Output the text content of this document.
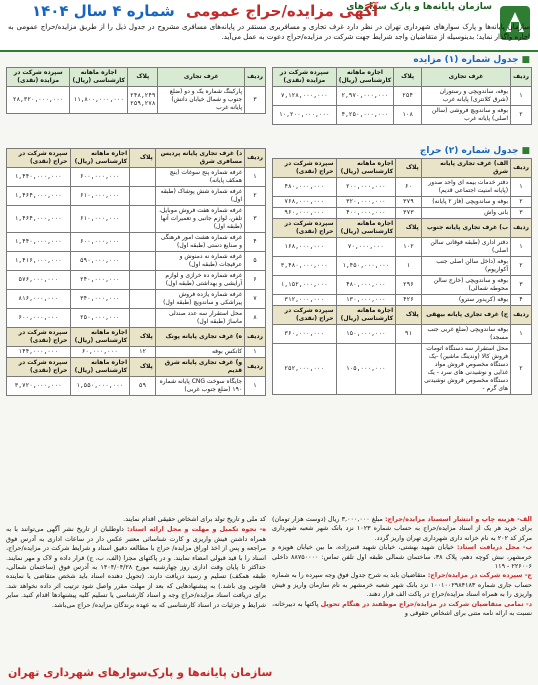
سازمان پایانه‌ها و پارک سوارهای
آگهی مزایده/حراج عمومی شماره ۴ سال ۱۴۰۴
سازمان پایانه‌ها و پارک سوارهای شهرداری تهران در نظر دارد غرف تجاری و مسافربری مستقر در پایانه‌های مسافری مشروح در جدول ذیل را از طریق مزایده/حراج عمومی به اجاره واگذار نماید؛ بدینوسیله از متقاضیان واجد شرایط جهت شرکت در مزایده/حراج دعوت به عمل می‌آید.
■جدول شماره (۱) مزایده
ردیف	غرف تجاری	پلاک	اجاره ماهانه کارشناسی (ریال)	سپرده شرکت در مزایده (نقدی)
۱	بوفه، ساندویچی و رستوران (شرق کلانتری) پایانه غرب	۲۵۴	۲,۹۷۰,۰۰۰,۰۰۰	۷,۱۲۸,۰۰۰,۰۰۰
۲	بوفه و ساندویچ فروشی (سالن اصلی) پایانه غرب	۱۰۸	۴,۲۵۰,۰۰۰,۰۰۰	۱۰,۲۰۰,۰۰۰,۰۰۰
ردیف	غرف تجاری	پلاک	اجاره ماهانه کارشناسی (ریال)	سپرده شرکت در مزایده (نقدی)
۳	پارکینگ شماره یک و دو (ضلع جنوب و شمال خیابان دانش) پایانه غرب	۲۴۸,۲۴۹ ۲۵۹,۲۷۸	۱۱,۸۰۰,۰۰۰,۰۰۰	۲۸,۳۲۰,۰۰۰,۰۰۰
■جدول شماره (۲) حراج
ردیف	الف) غرف تجاری پایانه شرق	پلاک	اجاره ماهانه کارشناسی (ریال)	سپرده شرکت در حراج (نقدی)
۱	دفتر خدمات بیمه ای واحد صدور (پایانه امنیت اجتماعی قدیم)	۶۰	۲۰۰,۰۰۰,۰۰۰	۴۸۰,۰۰۰,۰۰۰
۲	بوفه و ساندویچی (فاز ۲ پایانه)	۳۷۹	۳۲۰,۰۰۰,۰۰۰	۷۶۸,۰۰۰,۰۰۰
۳	بانی واش	۳۷۳	۴۰۰,۰۰۰,۰۰۰	۹۶۰,۰۰۰,۰۰۰
ردیف	ب) غرف تجاری پایانه جنوب	پلاک	اجاره ماهانه کارشناسی (ریال)	سپرده شرکت در حراج (نقدی)
۱	دفتر اداری (طبقه فوقانی سالن اصلی)	۱۰۲	۷۰,۰۰۰,۰۰۰	۱۶۸,۰۰۰,۰۰۰
۲	بوفه (داخل سالن اصلی جنب آکواریوم)	۱	۱,۴۵۰,۰۰۰,۰۰۰	۳,۴۸۰,۰۰۰,۰۰۰
۳	بوفه و ساندویچی (خارج سالن محوطه شمالی)	۲۹۶	۴۸۰,۰۰۰,۰۰۰	۱,۱۵۲,۰۰۰,۰۰۰
۴	بوفه (کریدور سترو)	۴۲۶	۱۳۰,۰۰۰,۰۰۰	۳۱۲,۰۰۰,۰۰۰
ردیف	ج) غرف تجاری پایانه بیهقی	پلاک	اجاره ماهانه کارشناسی (ریال)	سپرده شرکت در حراج (نقدی)
۱	بوفه ساندویچی (ضلع غربی جنب مسجد)	۹۱	۱۵۰,۰۰۰,۰۰۰	۳۶۰,۰۰۰,۰۰۰
۲	محل استقرار سه دستگاه اتومات فروش کالا (وندینگ ماشین) -یک دستگاه مخصوص فروش مواد غذایی و نوشیدنی های سرد - یک دستگاه مخصوص فروش نوشیدنی های گرم -		۱۰۵,۰۰۰,۰۰۰	۲۵۲,۰۰۰,۰۰۰
ردیف	د) غرف تجاری پایانه پردیس مسافری شرق	پلاک	اجاره ماهانه کارشناسی (ریال)	سپرده شرکت در حراج (نقدی)
۱	غرفه شماره پنج سوغات (بنچ همکف پایانه)		۶۰۰,۰۰۰,۰۰۰	۱,۴۴۰,۰۰۰,۰۰۰
۲	غرفه شماره شش پوشاک (طبقه اول)		۶۱۰,۰۰۰,۰۰۰	۱,۴۶۴,۰۰۰,۰۰۰
۳	غرفه شماره هفت فروش موبایل، تلفن، لوازم جانبی و تعمیرات آنها (طبقه اول)		۶۱۰,۰۰۰,۰۰۰	۱,۴۶۴,۰۰۰,۰۰۰
۴	غرفه شماره هشت امور فرهنگی و صنایع دستی (طبقه اول)		۶۰۰,۰۰۰,۰۰۰	۱,۴۴۰,۰۰۰,۰۰۰
۵	غرفه شماره نه دمنوش و عرقیجات (طبقه اول)		۵۹۰,۰۰۰,۰۰۰	۱,۴۱۶,۰۰۰,۰۰۰
۶	غرفه شماره ده خرازی و لوازم آرایشی و بهداشتی (طبقه اول)		۲۴۰,۰۰۰,۰۰۰	۵۷۶,۰۰۰,۰۰۰
۷	غرفه شماره یازده فروش پیراشکی و ساندویچ (طبقه اول)		۳۴۰,۰۰۰,۰۰۰	۸۱۶,۰۰۰,۰۰۰
۸	محل استقرار سه عدد صندلی ماساژ (طبقه اول)		۲۵۰,۰۰۰,۰۰۰	۶۰۰,۰۰۰,۰۰۰
ردیف	ه) غرف تجاری پایانه پونک	پلاک	اجاره ماهانه کارشناسی (ریال)	سپرده شرکت در حراج (نقدی)
۱	کانکس بوفه	۱۲	۶۰,۰۰۰,۰۰۰	۱۴۴,۰۰۰,۰۰۰
ردیف	و) غرف تجاری پایانه شرق قدیم	پلاک	اجاره ماهانه کارشناسی (ریال)	سپرده شرکت در حراج (نقدی)
۱	جایگاه سوخت CNG پایانه شماره ۱۹۰ (ضلع جنوب غربی)	۵۹	۱,۵۵۰,۰۰۰,۰۰۰	۳,۷۲۰,۰۰۰,۰۰۰

الف- هزینه چاپ و انتشار اسسناد مزایده/حراج: مبلغ ۳,۰۰۰,۰۰۰ ریال (دوست هزار تومان) برای خرید هر یک از اسناد مزایده/حراج به حساب شماره ۱۰۲۳ نزد بانک شهر شعبه شهرداری مرکز کد ۲۰۲ به نام خزانه داری شهرداری تهران واریز گردد.

ب- محل دریافت اسناد: خیابان شهید بهشتی، خیابان شهید قنبرزاده، ما بین خیابان هویزه و خرمشهر، نبش کوچه دهم، پلاک ۳۸، ساختمان شمالی طبقه اول تلفن تماس: ۸۸۷۵۰۰۰۰ داخلی ۲۲۶۰۰۶ - ۱۱۹

ج- سپرده شرکت در مزایده/حراج: متقاضیان باید به شرح جدول فوق وجه سپرده را به شماره حساب جاری شماره ۱۰۰۱۰۰۲۹۸۴۱۸۳ نزد بانک شهر شعبه خرمشهر به نام سازمان واریز و فیش واریزی را به همراه اسناد مزایده/حراج در پاکت الف قرار دهند.

د- تمامی متقاضیان شرکت در مزایده/حراج موظفند در هنگام تحویل پاکتها به دبیرخانه، نسبت به ارائه نامه متنی برای اشخاص حقوقی و

کد ملی و تاریخ تولد برای اشخاص حقیقی اقدام نمایند.

ه- نحوه تکمیل و مهلت و محل ارائه اسناد: داوطلبان از تاریخ نشر آگهی می‌توانند با به همراه داشتن فیش واریزی و کارت شناسائی معتبر عکس دار در ساعات اداری به آدرس فوق مراجعه و پس از اخذ اوراق مزایده/ حراج با مطالعه دقیق اسناد و شرایط شرکت در مزایده/حراج، اسناد را با قید قبولی امضاء نمایند. و در پاکتهای مجزا (الف، ب، ج) قرار داده و لاک و مهر نمایند. حداکثر تا پایان وقت اداری روز چهارشنبه مورخ ۱۴۰۴/۰۴/۲۸ به آدرس فوق (ساختمان شمالی، طبقه همکف) تسلیم و رسید دریافت دارند. (تحویل دهنده اسناد باید شخص متقاضی یا نماینده قانونی وی باشد.) به پیشنهادهایی که بعد از مهلت مقرر واصل شود ترتیب اثر داده نخواهد شد. برای دریافت اسناد مزایده/حراج وجه و اسناد کارشناسی یا تسلیم کلیه پیشنهادها اقدام کنید. سایر شرایط و جزئیات در اسناد کارشناسی که به عهده برندگان مزایده/ حراج می‌باشد.

سازمان پایانه‌ها و پارک‌سوارهای شهرداری تهران
